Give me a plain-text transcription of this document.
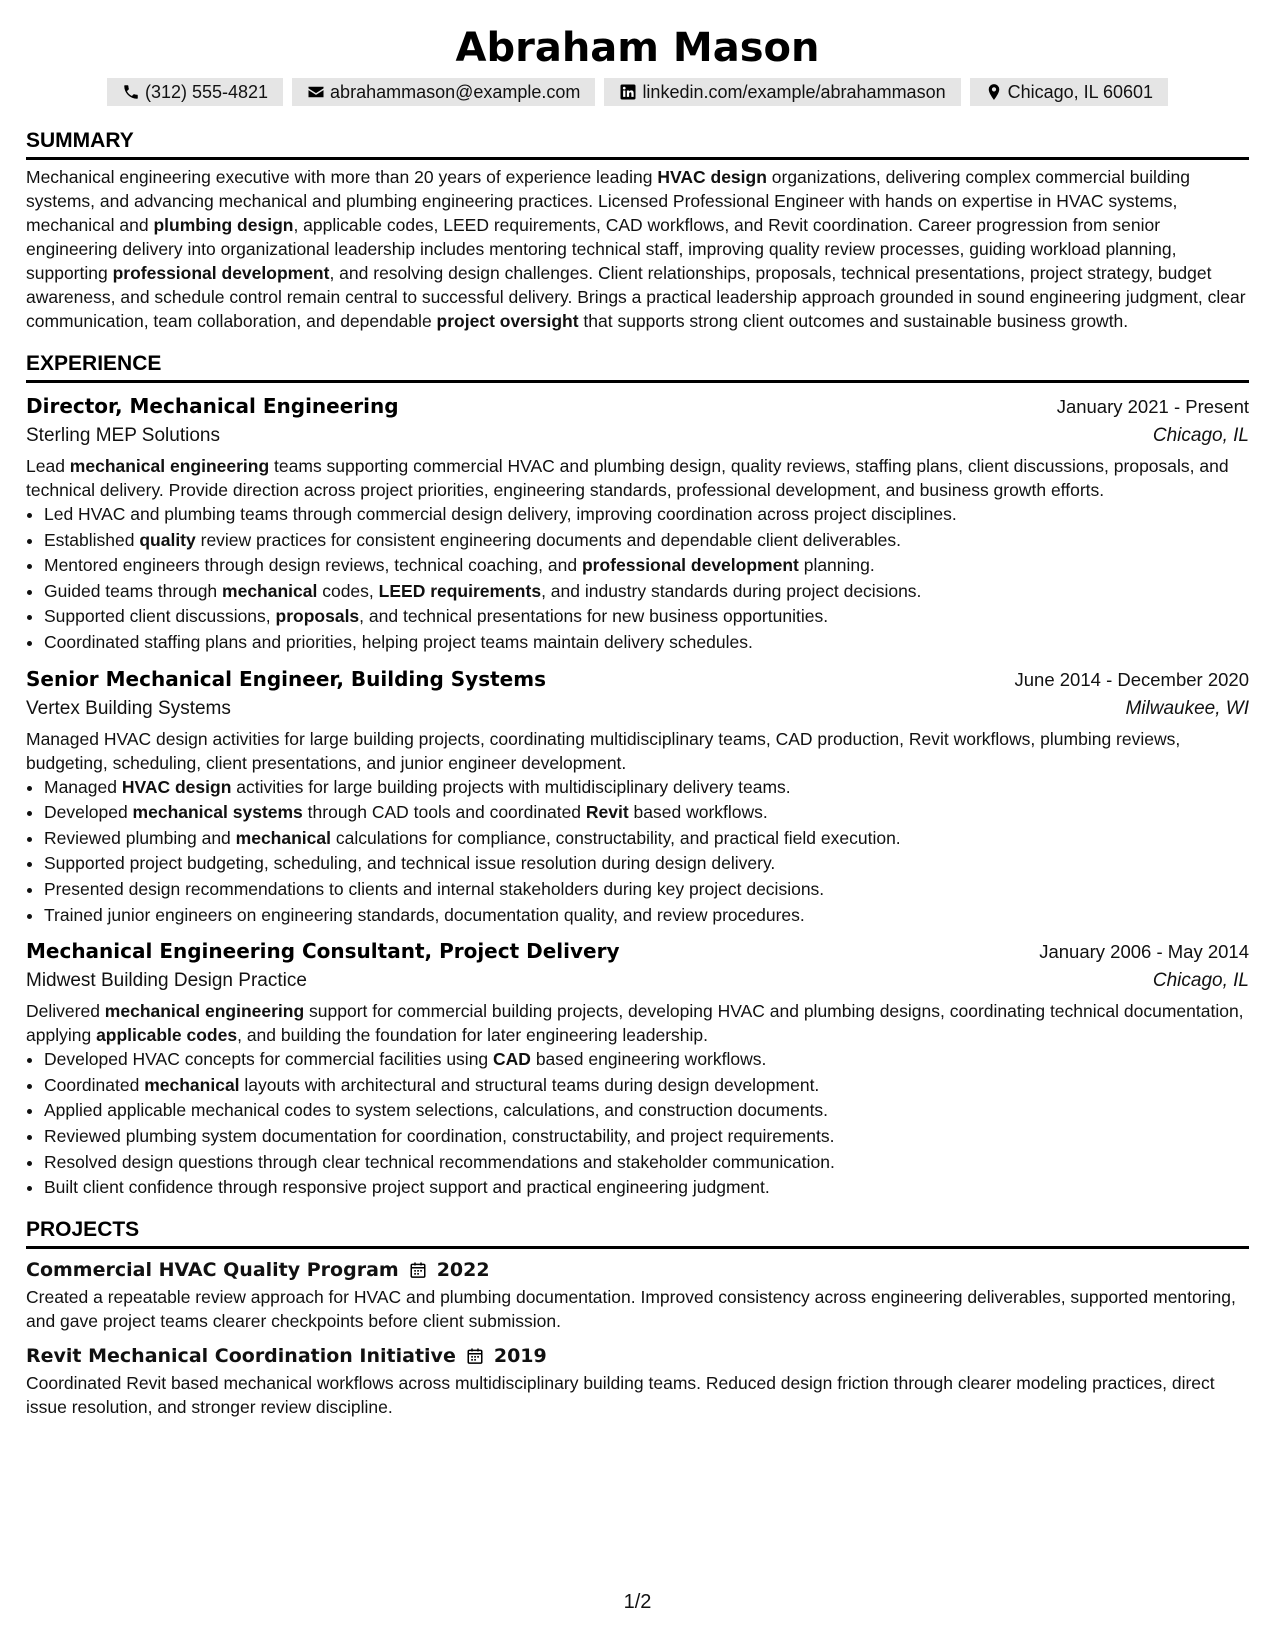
Abraham Mason
(312) 555-4821	abrahammason@example.com	linkedin.com/example/abrahammason	Chicago, IL 60601
SUMMARY

Mechanical engineering executive with more than 20 years of experience leading HVAC design organizations, delivering complex commercial building systems, and advancing mechanical and plumbing engineering practices. Licensed Professional Engineer with hands on expertise in HVAC systems, mechanical and plumbing design, applicable codes, LEED requirements, CAD workflows, and Revit coordination. Career progression from senior engineering delivery into organizational leadership includes mentoring technical staff, improving quality review processes, guiding workload planning, supporting professional development, and resolving design challenges. Client relationships, proposals, technical presentations, project strategy, budget awareness, and schedule control remain central to successful delivery. Brings a practical leadership approach grounded in sound engineering judgment, clear communication, team collaboration, and dependable project oversight that supports strong client outcomes and sustainable business growth.

EXPERIENCE
Director, Mechanical Engineering	January 2021 - Present
Sterling MEP Solutions	Chicago, IL

Lead mechanical engineering teams supporting commercial HVAC and plumbing design, quality reviews, staffing plans, client discussions, proposals, and technical delivery. Provide direction across project priorities, engineering standards, professional development, and business growth efforts.

• Led HVAC and plumbing teams through commercial design delivery, improving coordination across project disciplines.
• Established quality review practices for consistent engineering documents and dependable client deliverables.
• Mentored engineers through design reviews, technical coaching, and professional development planning.
• Guided teams through mechanical codes, LEED requirements, and industry standards during project decisions.
• Supported client discussions, proposals, and technical presentations for new business opportunities.
• Coordinated staffing plans and priorities, helping project teams maintain delivery schedules.
Senior Mechanical Engineer, Building Systems	June 2014 - December 2020
Vertex Building Systems	Milwaukee, WI

Managed HVAC design activities for large building projects, coordinating multidisciplinary teams, CAD production, Revit workflows, plumbing reviews, budgeting, scheduling, client presentations, and junior engineer development.

• Managed HVAC design activities for large building projects with multidisciplinary delivery teams.
• Developed mechanical systems through CAD tools and coordinated Revit based workflows.
• Reviewed plumbing and mechanical calculations for compliance, constructability, and practical field execution.
• Supported project budgeting, scheduling, and technical issue resolution during design delivery.
• Presented design recommendations to clients and internal stakeholders during key project decisions.
• Trained junior engineers on engineering standards, documentation quality, and review procedures.
Mechanical Engineering Consultant, Project Delivery	January 2006 - May 2014
Midwest Building Design Practice	Chicago, IL

Delivered mechanical engineering support for commercial building projects, developing HVAC and plumbing designs, coordinating technical documentation, applying applicable codes, and building the foundation for later engineering leadership.

• Developed HVAC concepts for commercial facilities using CAD based engineering workflows.
• Coordinated mechanical layouts with architectural and structural teams during design development.
• Applied applicable mechanical codes to system selections, calculations, and construction documents.
• Reviewed plumbing system documentation for coordination, constructability, and project requirements.
• Resolved design questions through clear technical recommendations and stakeholder communication.
• Built client confidence through responsive project support and practical engineering judgment.
PROJECTS
Commercial HVAC Quality Program 2022

Created a repeatable review approach for HVAC and plumbing documentation. Improved consistency across engineering deliverables, supported mentoring, and gave project teams clearer checkpoints before client submission.

Revit Mechanical Coordination Initiative 2019

Coordinated Revit based mechanical workflows across multidisciplinary building teams. Reduced design friction through clearer modeling practices, direct issue resolution, and stronger review discipline.

1/2
